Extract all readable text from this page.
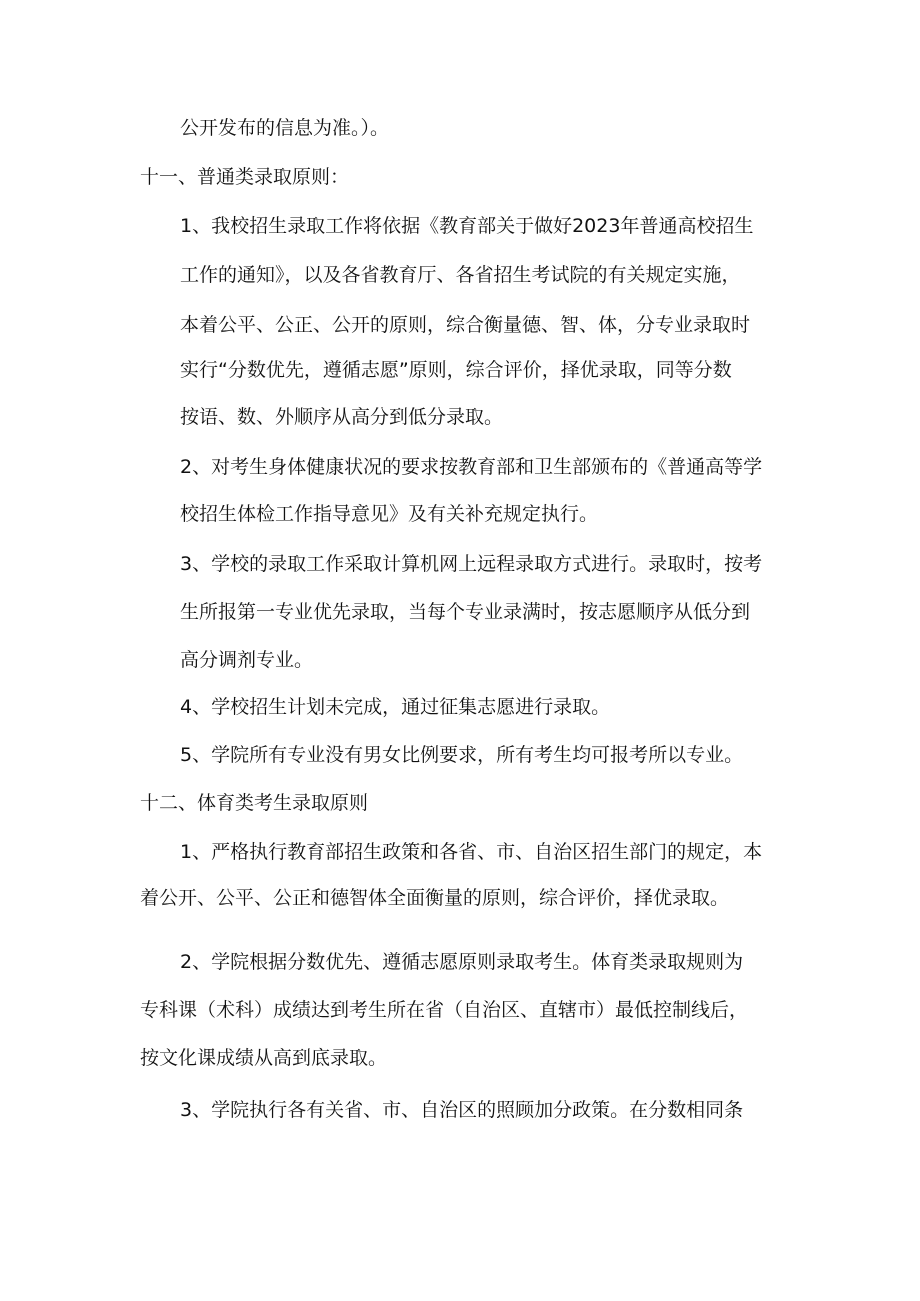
公开发布的信息为准。）。
十一、普通类录取原则：
1、我校招生录取工作将依据《教育部关于做好2023年普通高校招生
工作的通知》，以及各省教育厅、各省招生考试院的有关规定实施，
本着公平、公正、公开的原则，综合衡量德、智、体，分专业录取时
实行“分数优先，遵循志愿”原则，综合评价，择优录取，同等分数
按语、数、外顺序从高分到低分录取。
2、对考生身体健康状况的要求按教育部和卫生部颁布的《普通高等学
校招生体检工作指导意见》及有关补充规定执行。
3、学校的录取工作采取计算机网上远程录取方式进行。录取时，按考
生所报第一专业优先录取，当每个专业录满时，按志愿顺序从低分到
高分调剂专业。
4、学校招生计划未完成，通过征集志愿进行录取。
5、学院所有专业没有男女比例要求，所有考生均可报考所以专业。
十二、体育类考生录取原则
1、严格执行教育部招生政策和各省、市、自治区招生部门的规定，本
着公开、公平、公正和德智体全面衡量的原则，综合评价，择优录取。
2、学院根据分数优先、遵循志愿原则录取考生。体育类录取规则为
专科课（术科）成绩达到考生所在省（自治区、直辖市）最低控制线后，
按文化课成绩从高到底录取。
3、学院执行各有关省、市、自治区的照顾加分政策。在分数相同条
